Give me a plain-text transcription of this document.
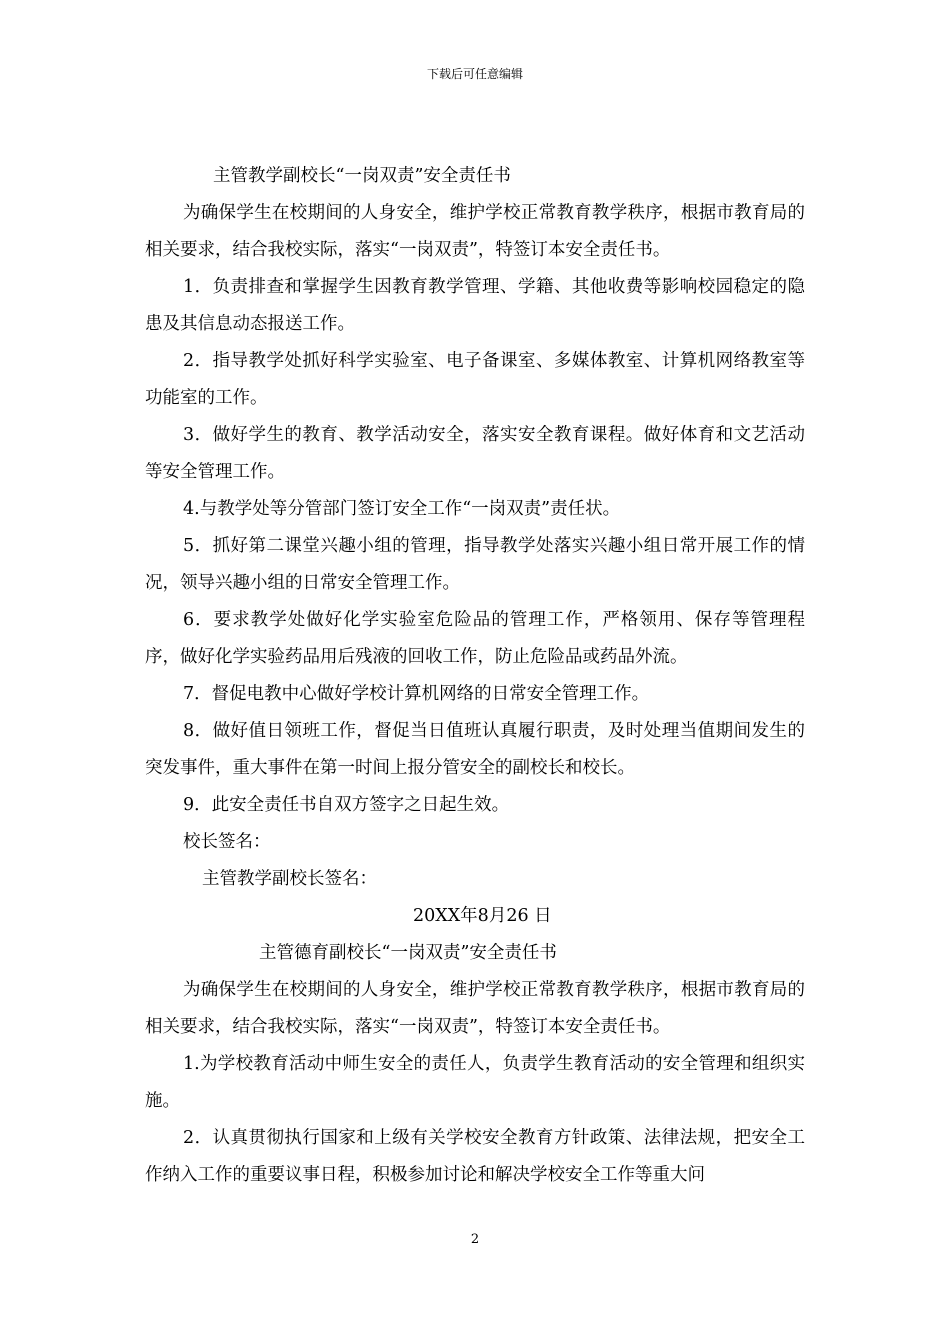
下载后可任意编辑

主管教学副校长“一岗双责”安全责任书

为确保学生在校期间的人身安全，维护学校正常教育教学秩序，根据市教育局的相关要求，结合我校实际，落实“一岗双责”，特签订本安全责任书。

1．负责排查和掌握学生因教育教学管理、学籍、其他收费等影响校园稳定的隐患及其信息动态报送工作。

2．指导教学处抓好科学实验室、电子备课室、多媒体教室、计算机网络教室等功能室的工作。

3．做好学生的教育、教学活动安全，落实安全教育课程。做好体育和文艺活动等安全管理工作。

4.与教学处等分管部门签订安全工作“一岗双责”责任状。

5．抓好第二课堂兴趣小组的管理，指导教学处落实兴趣小组日常开展工作的情况，领导兴趣小组的日常安全管理工作。

6．要求教学处做好化学实验室危险品的管理工作，严格领用、保存等管理程序，做好化学实验药品用后残液的回收工作，防止危险品或药品外流。

7．督促电教中心做好学校计算机网络的日常安全管理工作。

8．做好值日领班工作，督促当日值班认真履行职责，及时处理当值期间发生的突发事件，重大事件在第一时间上报分管安全的副校长和校长。

9．此安全责任书自双方签字之日起生效。

校长签名：

主管教学副校长签名：

20XX年8月26 日

主管德育副校长“一岗双责”安全责任书

为确保学生在校期间的人身安全，维护学校正常教育教学秩序，根据市教育局的相关要求，结合我校实际，落实“一岗双责”，特签订本安全责任书。

1.为学校教育活动中师生安全的责任人，负责学生教育活动的安全管理和组织实施。

2．认真贯彻执行国家和上级有关学校安全教育方针政策、法律法规，把安全工作纳入工作的重要议事日程，积极参加讨论和解决学校安全工作等重大问

2
